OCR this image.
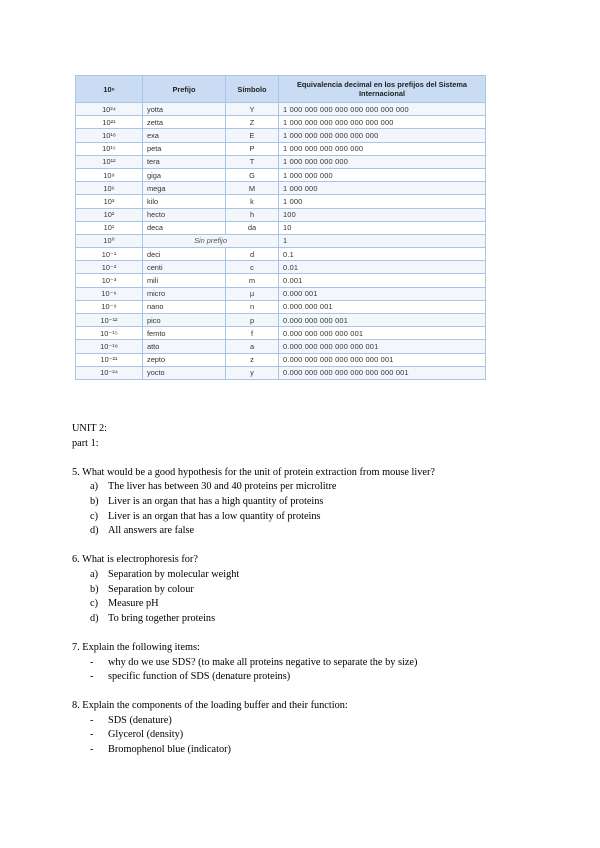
10ⁿ	Prefijo	Símbolo	Equivalencia decimal en los prefijos del Sistema Internacional
10²⁴	yotta	Y	1 000 000 000 000 000 000 000 000
10²¹	zetta	Z	1 000 000 000 000 000 000 000
10¹⁸	exa	E	1 000 000 000 000 000 000
10¹⁵	peta	P	1 000 000 000 000 000
10¹²	tera	T	1 000 000 000 000
10⁹	giga	G	1 000 000 000
10⁶	mega	M	1 000 000
10³	kilo	k	1 000
10²	hecto	h	100
10¹	deca	da	10
10⁰	Sin prefijo		1
10⁻¹	deci	d	0.1
10⁻²	centi	c	0.01
10⁻³	mili	m	0.001
10⁻⁶	micro	µ	0.000 001
10⁻⁹	nano	n	0.000 000 001
10⁻¹²	pico	p	0.000 000 000 001
10⁻¹⁵	femto	f	0.000 000 000 000 001
10⁻¹⁸	atto	a	0.000 000 000 000 000 001
10⁻²¹	zepto	z	0.000 000 000 000 000 000 001
10⁻²⁴	yocto	y	0.000 000 000 000 000 000 000 001

UNIT 2:

part 1:

5. What would be a good hypothesis for the unit of protein extraction from mouse liver?

a) The liver has between 30 and 40 proteins per microlitre
b) Liver is an organ that has a high quantity of proteins
c) Liver is an organ that has a low quantity of proteins
d) All answers are false

6. What is electrophoresis for?

a) Separation by molecular weight
b) Separation by colour
c) Measure pH
d) To bring together proteins

7. Explain the following items:

-	why do we use SDS? (to make all proteins negative to separate the by size)
-	specific function of SDS (denature proteins)

8. Explain the components of the loading buffer and their function:

-	SDS (denature)
-	Glycerol (density)
-	Bromophenol blue (indicator)
